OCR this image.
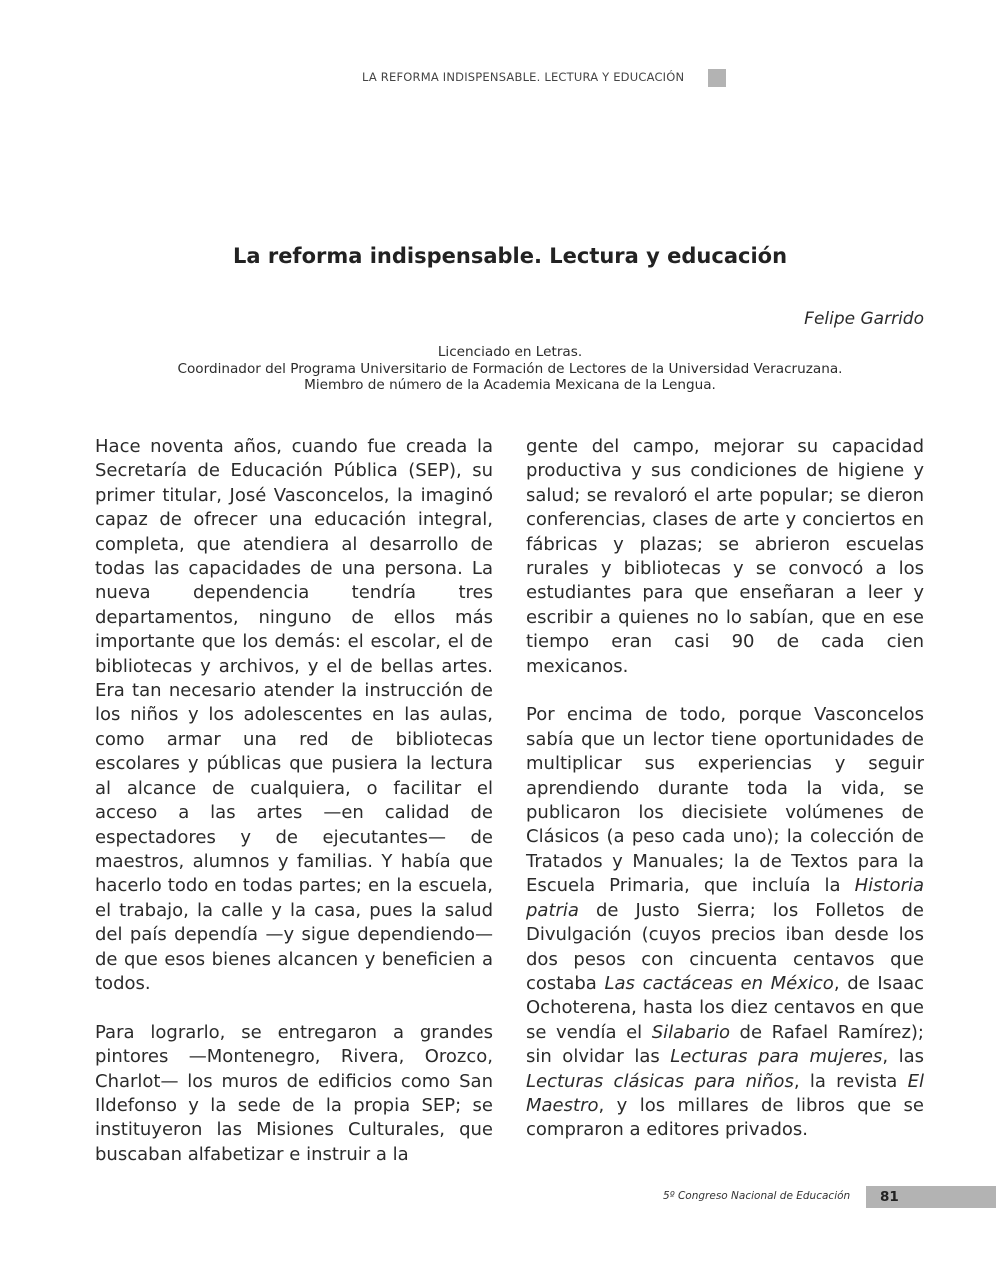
LA REFORMA INDISPENSABLE. LECTURA Y EDUCACIÓN
La reforma indispensable. Lectura y educación
Felipe Garrido
Licenciado en Letras.
Coordinador del Programa Universitario de Formación de Lectores de la Universidad Veracruzana.
Miembro de número de la Academia Mexicana de la Lengua.

Hace noventa años, cuando fue creada la Secretaría de Educación Pública (SEP), su primer titular, José Vasconcelos, la imaginó capaz de ofrecer una educación integral, completa, que atendiera al desarrollo de todas las capacidades de una persona. La nueva dependencia tendría tres departamentos, ninguno de ellos más importante que los demás: el escolar, el de bibliotecas y archivos, y el de bellas artes. Era tan necesario atender la instrucción de los niños y los adolescentes en las aulas, como armar una red de bibliotecas escolares y públicas que pusiera la lectura al alcance de cualquiera, o facilitar el acceso a las artes —en calidad de espectadores y de ejecutantes— de maestros, alumnos y familias. Y había que hacerlo todo en todas partes; en la escuela, el trabajo, la calle y la casa, pues la salud del país dependía —y sigue dependiendo— de que esos bienes alcancen y beneficien a todos.

Para lograrlo, se entregaron a grandes pintores —Montenegro, Rivera, Orozco, Charlot— los muros de edificios como San Ildefonso y la sede de la propia SEP; se instituyeron las Misiones Culturales, que buscaban alfabetizar e instruir a la

gente del campo, mejorar su capacidad productiva y sus condiciones de higiene y salud; se revaloró el arte popular; se dieron conferencias, clases de arte y conciertos en fábricas y plazas; se abrieron escuelas rurales y bibliotecas y se convocó a los estudiantes para que enseñaran a leer y escribir a quienes no lo sabían, que en ese tiempo eran casi 90 de cada cien mexicanos.

Por encima de todo, porque Vasconcelos sabía que un lector tiene oportunidades de multiplicar sus experiencias y seguir aprendiendo durante toda la vida, se publicaron los diecisiete volúmenes de Clásicos (a peso cada uno); la colección de Tratados y Manuales; la de Textos para la Escuela Primaria, que incluía la Historia patria de Justo Sierra; los Folletos de Divulgación (cuyos precios iban desde los dos pesos con cincuenta centavos que costaba Las cactáceas en México, de Isaac Ochoterena, hasta los diez centavos en que se vendía el Silabario de Rafael Ramírez); sin olvidar las Lecturas para mujeres, las Lecturas clásicas para niños, la revista El Maestro, y los millares de libros que se compraron a editores privados.

5º Congreso Nacional de Educación 81
